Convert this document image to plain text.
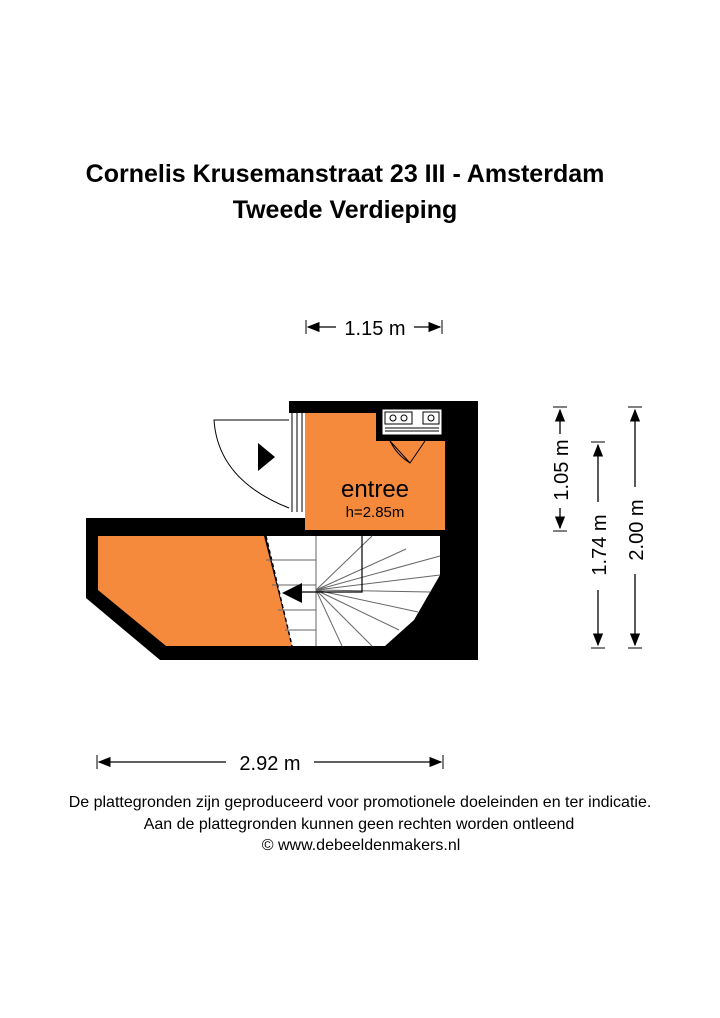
Cornelis Krusemanstraat 23 III - Amsterdam
Tweede Verdieping
entree
h=2.85m
1.15 m
1.05 m
1.74 m 2.00 m
2.92 m
De plattegronden zijn geproduceerd voor promotionele doeleinden en ter indicatie.
Aan de plattegronden kunnen geen rechten worden ontleend
© www.debeeldenmakers.nl
